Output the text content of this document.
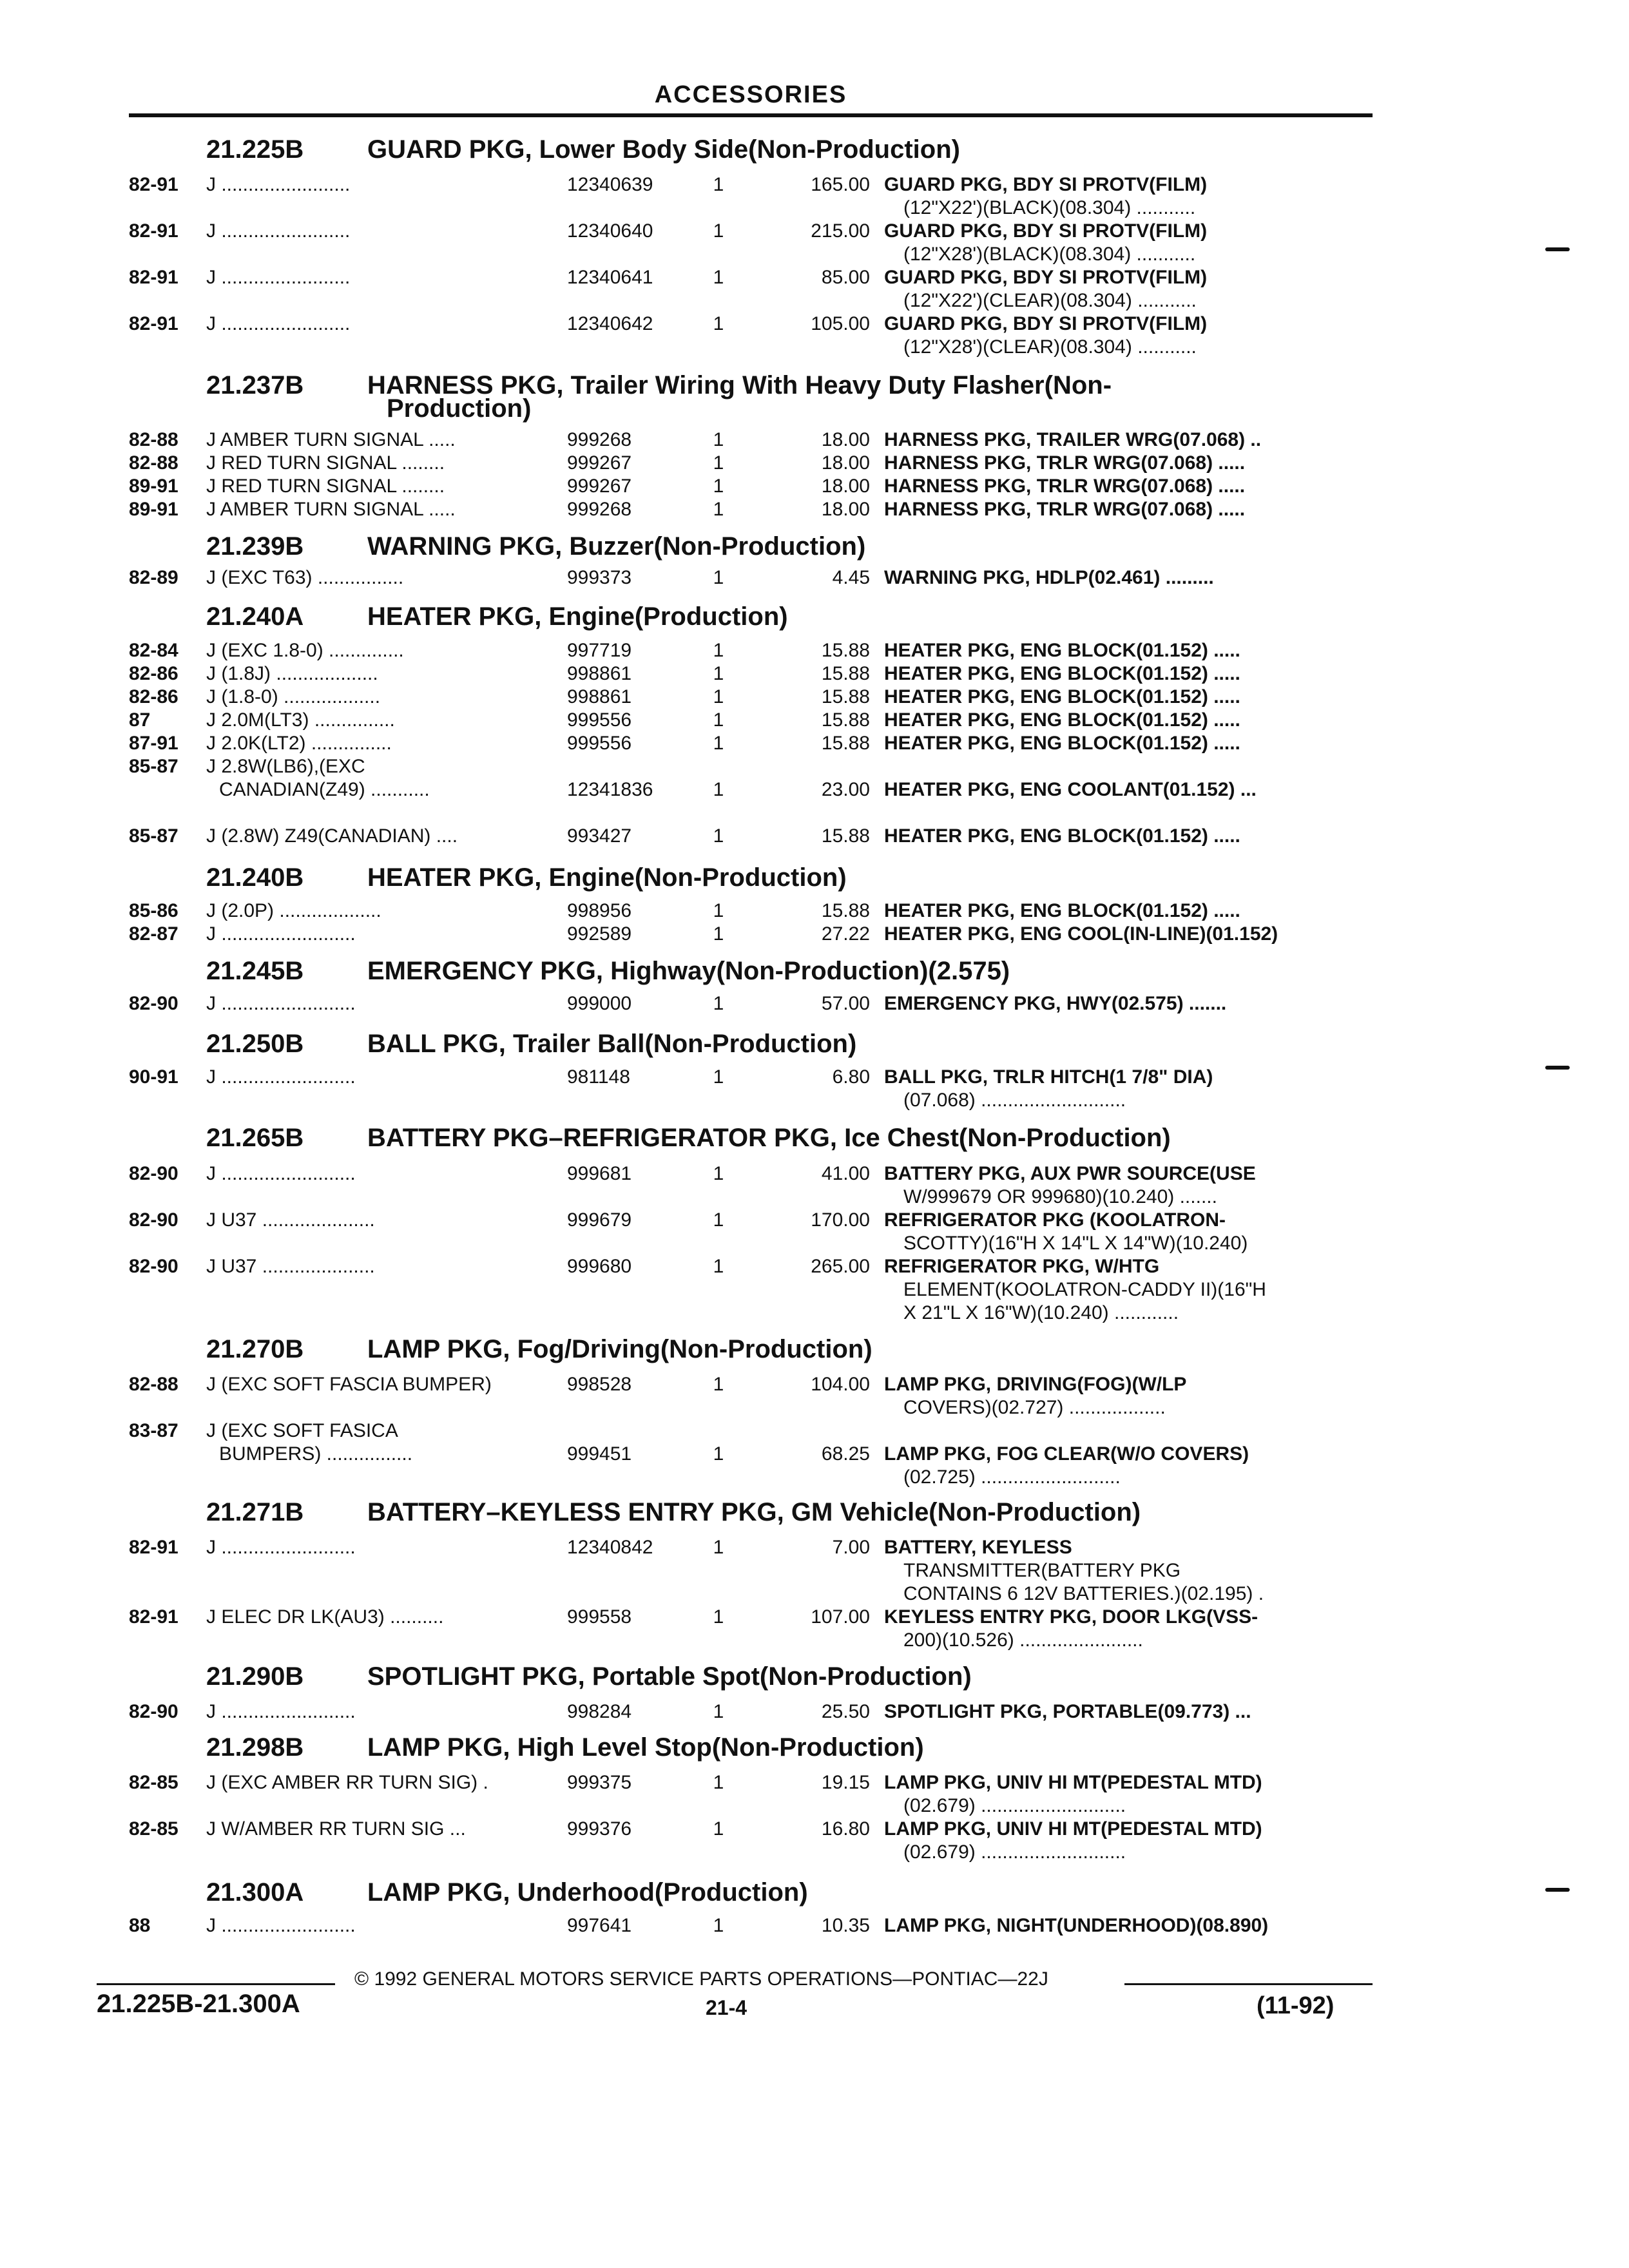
ACCESSORIES
21.225B GUARD PKG, Lower Body Side(Non-Production)
82-91 J ........................	12340639	1	165.00 GUARD PKG, BDY SI PROTV(FILM)
(12"X22')(BLACK)(08.304) ...........
82-91 J ........................	12340640	1	215.00 GUARD PKG, BDY SI PROTV(FILM)
(12"X28')(BLACK)(08.304) ...........
82-91 J ........................	12340641	1	85.00 GUARD PKG, BDY SI PROTV(FILM)
(12"X22')(CLEAR)(08.304) ...........
82-91 J ........................	12340642	1	105.00 GUARD PKG, BDY SI PROTV(FILM)
(12"X28')(CLEAR)(08.304) ...........
21.237B HARNESS PKG, Trailer Wiring With Heavy Duty Flasher(Non-
Production)
82-88 J AMBER TURN SIGNAL .....	999268	1	18.00 HARNESS PKG, TRAILER WRG(07.068) ..
82-88 J RED TURN SIGNAL ........	999267	1	18.00 HARNESS PKG, TRLR WRG(07.068) .....
89-91 J RED TURN SIGNAL ........	999267	1	18.00 HARNESS PKG, TRLR WRG(07.068) .....
89-91 J AMBER TURN SIGNAL .....	999268	1	18.00 HARNESS PKG, TRLR WRG(07.068) .....
21.239B WARNING PKG, Buzzer(Non-Production)
82-89 J (EXC T63) ................	999373	1	4.45 WARNING PKG, HDLP(02.461) .........
21.240A HEATER PKG, Engine(Production)
82-84 J (EXC 1.8-0) ..............	997719	1	15.88 HEATER PKG, ENG BLOCK(01.152) .....
82-86 J (1.8J) ...................	998861	1	15.88 HEATER PKG, ENG BLOCK(01.152) .....
82-86 J (1.8-0) ..................	998861	1	15.88 HEATER PKG, ENG BLOCK(01.152) .....
87	J 2.0M(LT3) ...............	999556	1	15.88 HEATER PKG, ENG BLOCK(01.152) .....
87-91 J 2.0K(LT2) ...............	999556	1	15.88 HEATER PKG, ENG BLOCK(01.152) .....
85-87 J 2.8W(LB6),(EXC
CANADIAN(Z49) ...........	12341836	1	23.00 HEATER PKG, ENG COOLANT(01.152) ...
85-87 J (2.8W) Z49(CANADIAN) ....	993427	1	15.88 HEATER PKG, ENG BLOCK(01.152) .....
21.240B HEATER PKG, Engine(Non-Production)
85-86 J (2.0P) ...................	998956	1	15.88 HEATER PKG, ENG BLOCK(01.152) .....
82-87 J .........................	992589	1	27.22 HEATER PKG, ENG COOL(IN-LINE)(01.152)
21.245B EMERGENCY PKG, Highway(Non-Production)(2.575)
82-90 J .........................	999000	1	57.00 EMERGENCY PKG, HWY(02.575) .......
21.250B BALL PKG, Trailer Ball(Non-Production)
90-91 J .........................	981148	1	6.80 BALL PKG, TRLR HITCH(1 7/8" DIA)
(07.068) ...........................
21.265B BATTERY PKG–REFRIGERATOR PKG, Ice Chest(Non-Production)
82-90 J .........................	999681	1	41.00 BATTERY PKG, AUX PWR SOURCE(USE
W/999679 OR 999680)(10.240) .......
82-90 J U37 .....................	999679	1	170.00 REFRIGERATOR PKG (KOOLATRON-
SCOTTY)(16"H X 14"L X 14"W)(10.240)
82-90 J U37 .....................	999680	1	265.00 REFRIGERATOR PKG, W/HTG
ELEMENT(KOOLATRON-CADDY II)(16"H
X 21"L X 16"W)(10.240) ............
21.270B LAMP PKG, Fog/Driving(Non-Production)
82-88 J (EXC SOFT FASCIA BUMPER)	998528	1	104.00 LAMP PKG, DRIVING(FOG)(W/LP
COVERS)(02.727) ..................
83-87 J (EXC SOFT FASICA
BUMPERS) ................	999451	1	68.25 LAMP PKG, FOG CLEAR(W/O COVERS)
(02.725) ..........................
21.271B BATTERY–KEYLESS ENTRY PKG, GM Vehicle(Non-Production)
82-91 J .........................	12340842	1	7.00 BATTERY, KEYLESS
TRANSMITTER(BATTERY PKG
CONTAINS 6 12V BATTERIES.)(02.195) .
82-91 J ELEC DR LK(AU3) ..........	999558	1	107.00 KEYLESS ENTRY PKG, DOOR LKG(VSS-
200)(10.526) .......................
21.290B SPOTLIGHT PKG, Portable Spot(Non-Production)
82-90 J .........................	998284	1	25.50 SPOTLIGHT PKG, PORTABLE(09.773) ...
21.298B LAMP PKG, High Level Stop(Non-Production)
82-85 J (EXC AMBER RR TURN SIG) .	999375	1	19.15 LAMP PKG, UNIV HI MT(PEDESTAL MTD)
(02.679) ...........................
82-85 J W/AMBER RR TURN SIG ...	999376	1	16.80 LAMP PKG, UNIV HI MT(PEDESTAL MTD)
(02.679) ...........................
21.300A LAMP PKG, Underhood(Production)
88	J .........................	997641	1	10.35 LAMP PKG, NIGHT(UNDERHOOD)(08.890)
© 1992 GENERAL MOTORS SERVICE PARTS OPERATIONS—PONTIAC—22J
21.225B-21.300A	21-4	(11-92)
